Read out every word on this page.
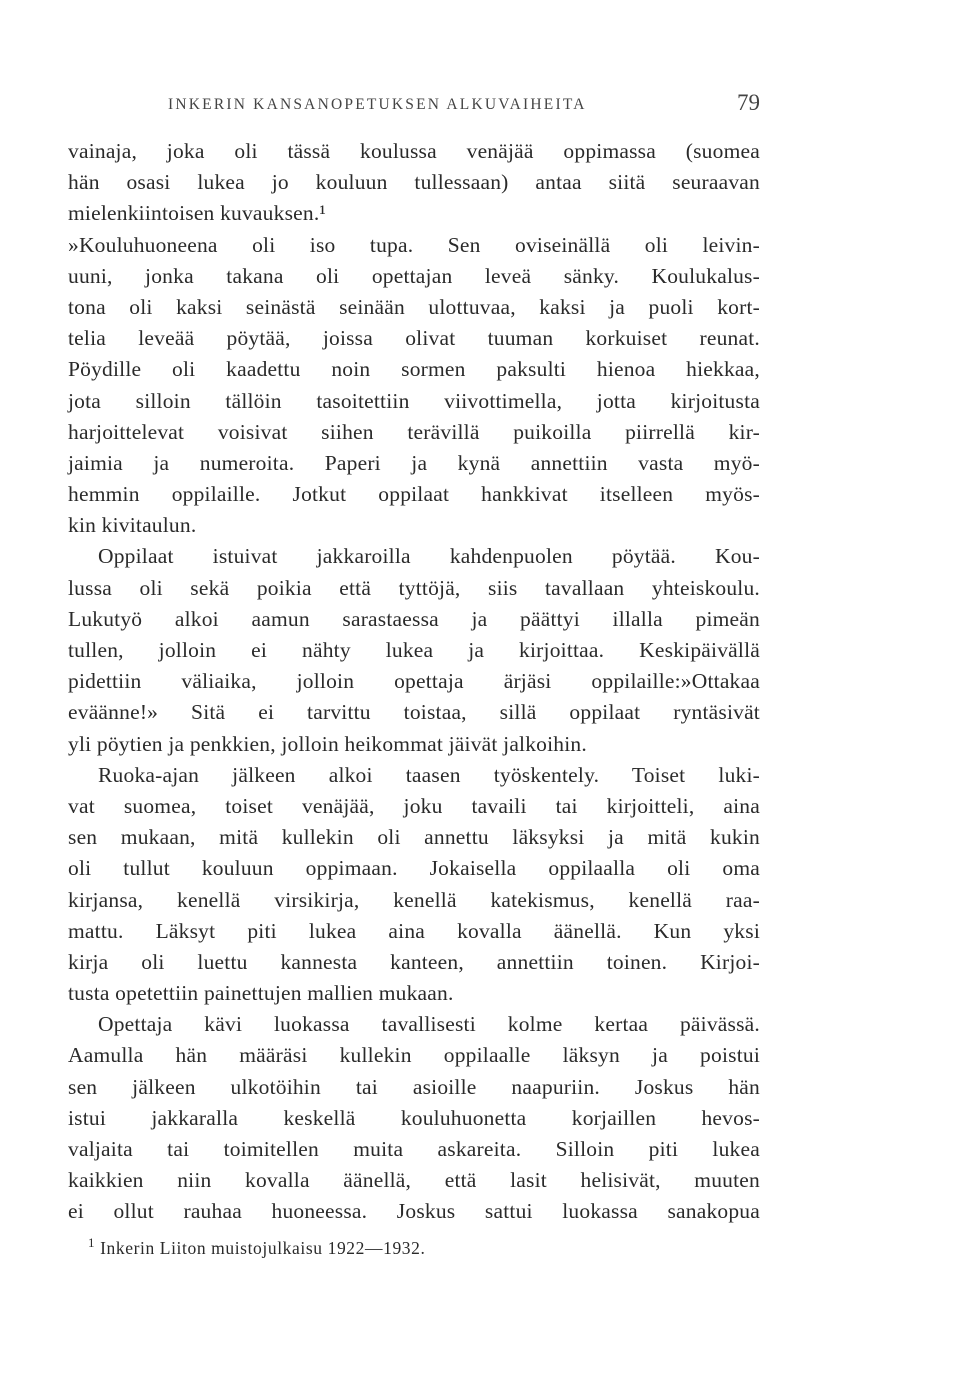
INKERIN KANSANOPETUKSEN ALKUVAIHEITA	79
vainaja, joka oli tässä koulussa venäjää oppimassa (suomea
hän osasi lukea jo kouluun tullessaan) antaa siitä seuraavan
mielenkiintoisen kuvauksen.¹
»Kouluhuoneena oli iso tupa. Sen oviseinällä oli leivin-
uuni, jonka takana oli opettajan leveä sänky. Koulukalus-
tona oli kaksi seinästä seinään ulottuvaa, kaksi ja puoli kort-
telia leveää pöytää, joissa olivat tuuman korkuiset reunat.
Pöydille oli kaadettu noin sormen paksulti hienoa hiekkaa,
jota silloin tällöin tasoitettiin viivottimella, jotta kirjoitusta
harjoittelevat voisivat siihen terävillä puikoilla piirrellä kir-
jaimia ja numeroita. Paperi ja kynä annettiin vasta myö-
hemmin oppilaille. Jotkut oppilaat hankkivat itselleen myös-
kin kivitaulun.
Oppilaat istuivat jakkaroilla kahdenpuolen pöytää. Kou-
lussa oli sekä poikia että tyttöjä, siis tavallaan yhteiskoulu.
Lukutyö alkoi aamun sarastaessa ja päättyi illalla pimeän
tullen, jolloin ei nähty lukea ja kirjoittaa. Keskipäivällä
pidettiin väliaika, jolloin opettaja ärjäsi oppilaille:»Ottakaa
eväänne!» Sitä ei tarvittu toistaa, sillä oppilaat ryntäsivät
yli pöytien ja penkkien, jolloin heikommat jäivät jalkoihin.
Ruoka-ajan jälkeen alkoi taasen työskentely. Toiset luki-
vat suomea, toiset venäjää, joku tavaili tai kirjoitteli, aina
sen mukaan, mitä kullekin oli annettu läksyksi ja mitä kukin
oli tullut kouluun oppimaan. Jokaisella oppilaalla oli oma
kirjansa, kenellä virsikirja, kenellä katekismus, kenellä raa-
mattu. Läksyt piti lukea aina kovalla äänellä. Kun yksi
kirja oli luettu kannesta kanteen, annettiin toinen. Kirjoi-
tusta opetettiin painettujen mallien mukaan.
Opettaja kävi luokassa tavallisesti kolme kertaa päivässä.
Aamulla hän määräsi kullekin oppilaalle läksyn ja poistui
sen jälkeen ulkotöihin tai asioille naapuriin. Joskus hän
istui jakkaralla keskellä kouluhuonetta korjaillen hevos-
valjaita tai toimitellen muita askareita. Silloin piti lukea
kaikkien niin kovalla äänellä, että lasit helisivät, muuten
ei ollut rauhaa huoneessa. Joskus sattui luokassa sanakopua
$^1$ Inkerin Liiton muistojulkaisu 1922—1932.
